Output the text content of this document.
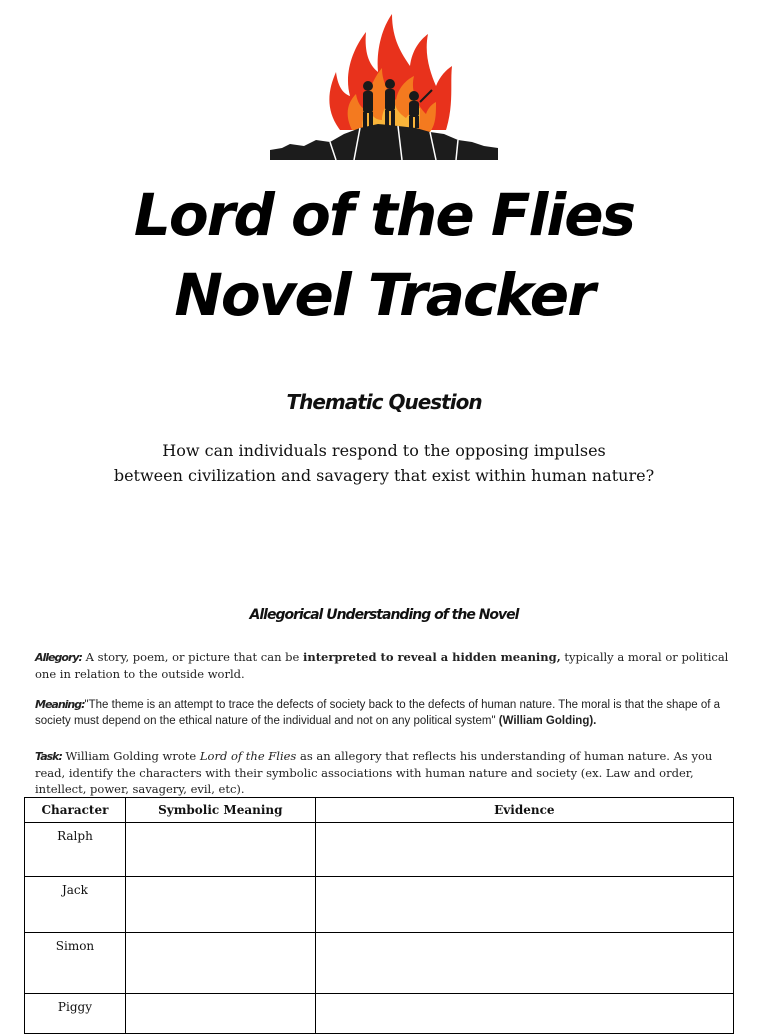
Lord of the Flies
Novel Tracker
Thematic Question
How can individuals respond to the opposing impulses
between civilization and savagery that exist within human nature?
Allegorical Understanding of the Novel
Allegory: A story, poem, or picture that can be interpreted to reveal a hidden meaning, typically a moral or political one in relation to the outside world.
Meaning:"The theme is an attempt to trace the defects of society back to the defects of human nature. The moral is that the shape of a society must depend on the ethical nature of the individual and not on any political system" (William Golding).
Task: William Golding wrote Lord of the Flies as an allegory that reflects his understanding of human nature. As you read, identify the characters with their symbolic associations with human nature and society (ex. Law and order, intellect, power, savagery, evil, etc).
Character	Symbolic Meaning	Evidence
Ralph		
Jack		
Simon		
Piggy		
